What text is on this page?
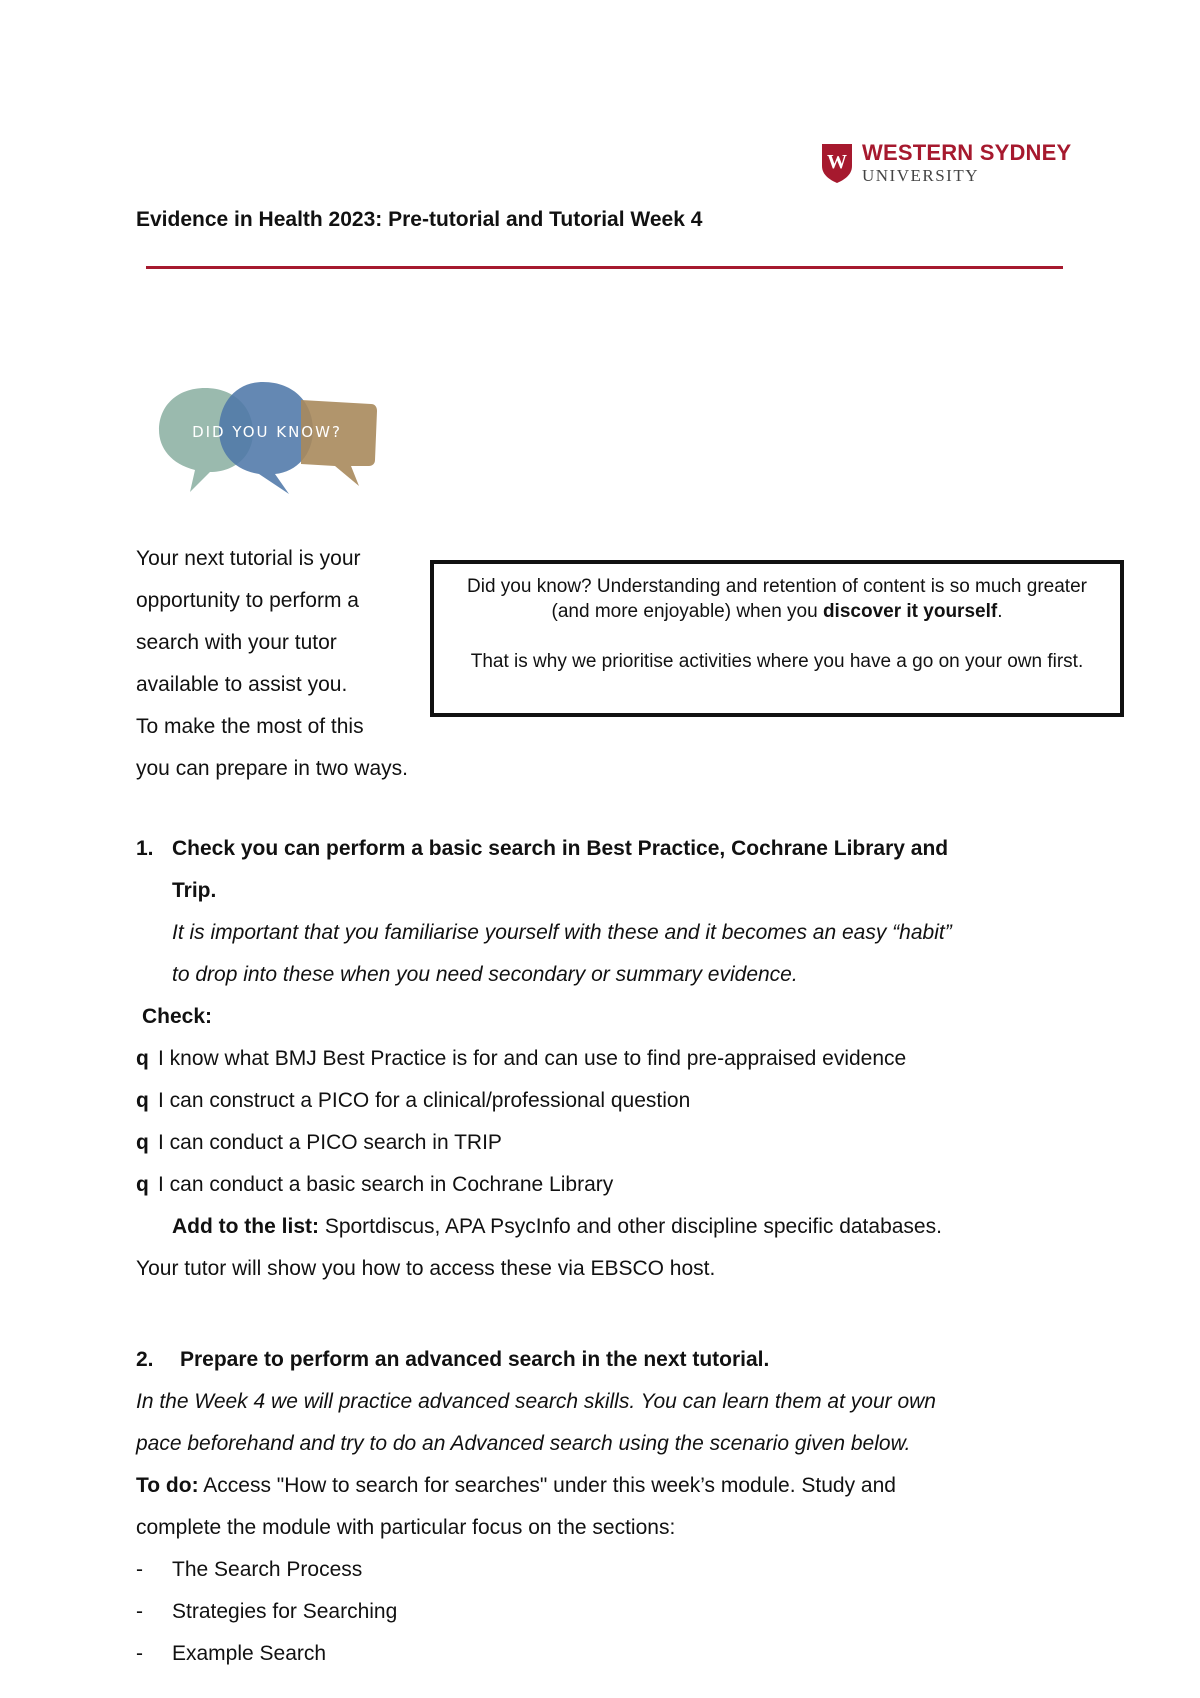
W WESTERN SYDNEY
UNIVERSITY
Evidence in Health 2023: Pre-tutorial and Tutorial Week 4
DID YOU KNOW?
Your next tutorial is your
opportunity to perform a
search with your tutor
available to assist you.
To make the most of this
you can prepare in two ways.

Did you know? Understanding and retention of content is so much greater (and more enjoyable) when you discover it yourself.

That is why we prioritise activities where you have a go on your own first.

1. Check you can perform a basic search in Best Practice, Cochrane Library and
Trip.
It is important that you familiarise yourself with these and it becomes an easy “habit”
to drop into these when you need secondary or summary evidence.
Check:
q I know what BMJ Best Practice is for and can use to find pre-appraised evidence
q I can construct a PICO for a clinical/professional question
q I can conduct a PICO search in TRIP
q I can conduct a basic search in Cochrane Library
Add to the list: Sportdiscus, APA PsycInfo and other discipline specific databases.
Your tutor will show you how to access these via EBSCO host.
2. Prepare to perform an advanced search in the next tutorial.
In the Week 4 we will practice advanced search skills. You can learn them at your own
pace beforehand and try to do an Advanced search using the scenario given below.
To do: Access "How to search for searches" under this week’s module. Study and
complete the module with particular focus on the sections:
- The Search Process
- Strategies for Searching
- Example Search
